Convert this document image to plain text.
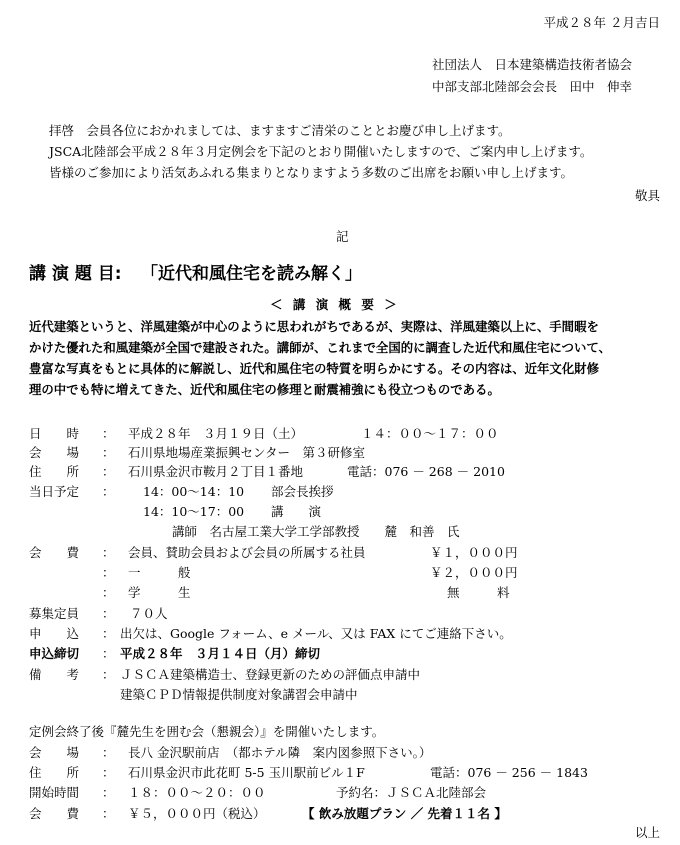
平成２８年 ２月吉日
社団法人　日本建築構造技術者協会
中部支部北陸部会会長　田中　伸幸
拝啓　会員各位におかれましては、ますますご清栄のこととお慶び申し上げます。
JSCA北陸部会平成２８年３月定例会を下記のとおり開催いたしますので、ご案内申し上げます。
皆様のご参加により活気あふれる集まりとなりますよう多数のご出席をお願い申し上げます。
敬具
記
講 演 題 目: 「近代和風住宅を読み解く」
＜ 講 演 概 要 ＞
近代建築というと、洋風建築が中心のように思われがちであるが、実際は、洋風建築以上に、手間暇を
かけた優れた和風建築が全国で建設された。講師が、これまで全国的に調査した近代和風住宅について、
豊富な写真をもとに具体的に解説し、近代和風住宅の特質を明らかにする。その内容は、近年文化財修
理の中でも特に増えてきた、近代和風住宅の修理と耐震補強にも役立つものである。
日　　時 ： 平成２８年　３月１９日（土）	１４：００～１７：００
会　　場 ： 石川県地場産業振興センター　第３研修室
住　　所 ： 石川県金沢市鞍月２丁目１番地	電話：076 － 268 － 2010
当日予定 ： 14：00～14：10 部会長挨拶
14：10～17：00 講　　演
講師　名古屋工業大学工学部教授　　麓　和善　氏
会　　費 ： 会員、賛助会員および会員の所属する社員	￥１，０００円
： 一　　　般	￥２，０００円
： 学　　　生	無　　　料
募集定員 ： ７０人
申　　込 ： 出欠は、Google フォーム、e メール、又は FAX にてご連絡下さい。
申込締切 ： 平成２８年　３月１４日（月）締切
備　　考 ： ＪＳＣＡ建築構造士、登録更新のための評価点申請中
建築ＣＰＤ情報提供制度対象講習会申請中
定例会終了後『麓先生を囲む会（懇親会）』を開催いたします。
会　　場 ： 長八 金沢駅前店　（都ホテル隣　案内図参照下さい。）
住　　所 ： 石川県金沢市此花町 5-5 玉川駅前ビル１F	電話：076 － 256 － 1843
開始時間 ： １８：００～２０：００	予約名：ＪＳＣＡ北陸部会
会　　費 ： ￥５，０００円（税込）	【 飲み放題プラン ／ 先着１１名 】
以上
